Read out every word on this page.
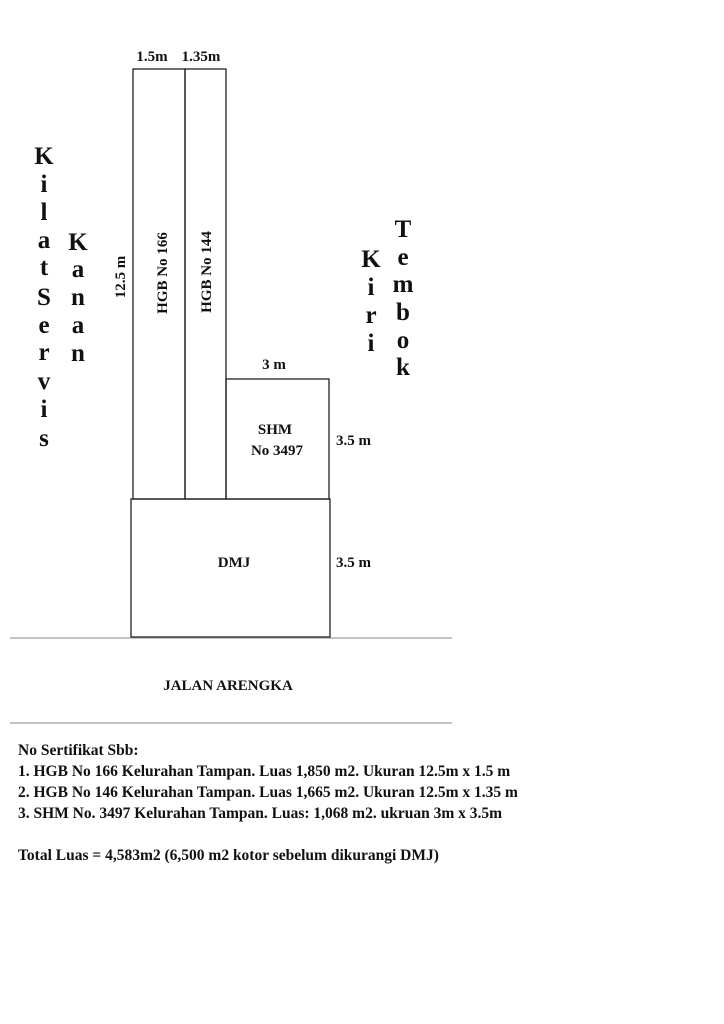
1.5m 1.35m
12.5 m
3 m
3.5 m
3.5 m
HGB No 166 HGB No 144
SHM
No 3497
DMJ
JALAN ARENGKA
K
i
l
a
t
S
e
r
v
i
s
K
a
n
a
n
K
i
r
i
T
e
m
b
o
k
No Sertifikat Sbb:
1. HGB No 166 Kelurahan Tampan. Luas 1,850 m2. Ukuran 12.5m x 1.5 m
2. HGB No 146 Kelurahan Tampan. Luas 1,665 m2. Ukuran 12.5m x 1.35 m
3. SHM No. 3497 Kelurahan Tampan. Luas: 1,068 m2. ukruan 3m x 3.5m
Total Luas = 4,583m2 (6,500 m2 kotor sebelum dikurangi DMJ)
